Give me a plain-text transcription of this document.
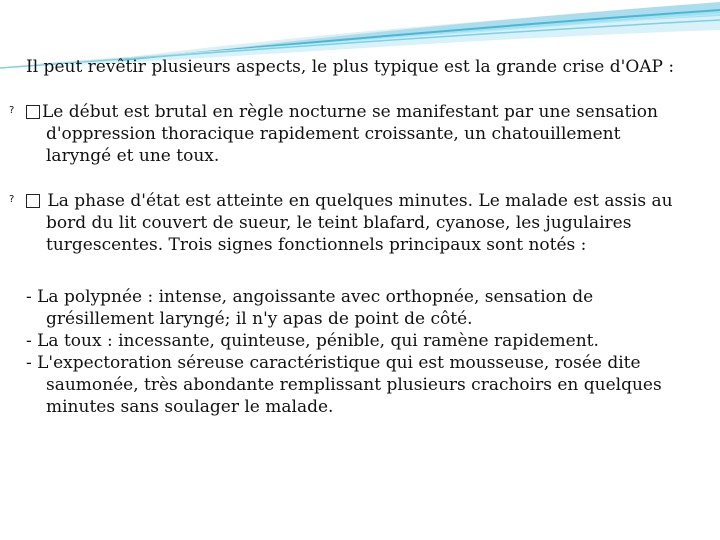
Il peut revêtir plusieurs aspects, le plus typique est la grande crise d'OAP :

?Le début est brutal en règle nocturne se manifestant par une sensation d'oppression thoracique rapidement croissante, un chatouillement laryngé et une toux.

? La phase d'état est atteinte en quelques minutes. Le malade est assis au bord du lit couvert de sueur, le teint blafard, cyanose, les jugulaires turgescentes. Trois signes fonctionnels principaux sont notés :

- La polypnée : intense, angoissante avec orthopnée, sensation de grésillement laryngé; il n'y apas de point de côté.

- La toux : incessante, quinteuse, pénible, qui ramène rapidement.

- L'expectoration séreuse caractéristique qui est mousseuse, rosée dite saumonée, très abondante remplissant plusieurs crachoirs en quelques minutes sans soulager le malade.
